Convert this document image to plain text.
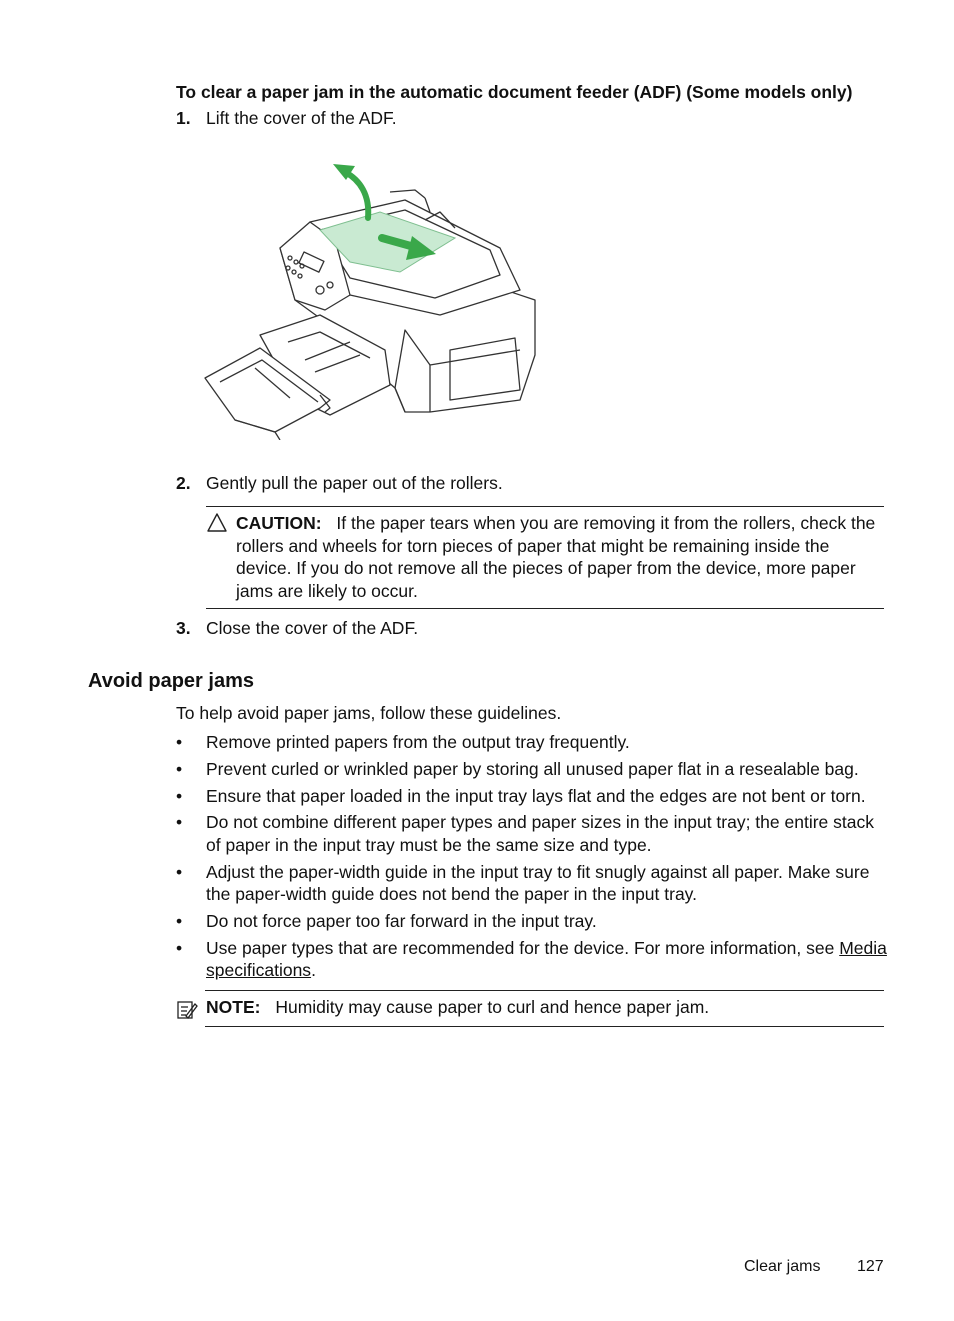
To clear a paper jam in the automatic document feeder (ADF) (Some models only)
1. Lift the cover of the ADF.
2. Gently pull the paper out of the rollers.
CAUTION: If the paper tears when you are removing it from the rollers, check the rollers and wheels for torn pieces of paper that might be remaining inside the device. If you do not remove all the pieces of paper from the device, more paper jams are likely to occur.
3. Close the cover of the ADF.
Avoid paper jams
To help avoid paper jams, follow these guidelines.
• Remove printed papers from the output tray frequently.
• Prevent curled or wrinkled paper by storing all unused paper flat in a resealable bag.
• Ensure that paper loaded in the input tray lays flat and the edges are not bent or torn.
• Do not combine different paper types and paper sizes in the input tray; the entire stack of paper in the input tray must be the same size and type.
• Adjust the paper-width guide in the input tray to fit snugly against all paper. Make sure the paper-width guide does not bend the paper in the input tray.
• Do not force paper too far forward in the input tray.
• Use paper types that are recommended for the device. For more information, see Media specifications.
NOTE: Humidity may cause paper to curl and hence paper jam.
Clear jams 127
